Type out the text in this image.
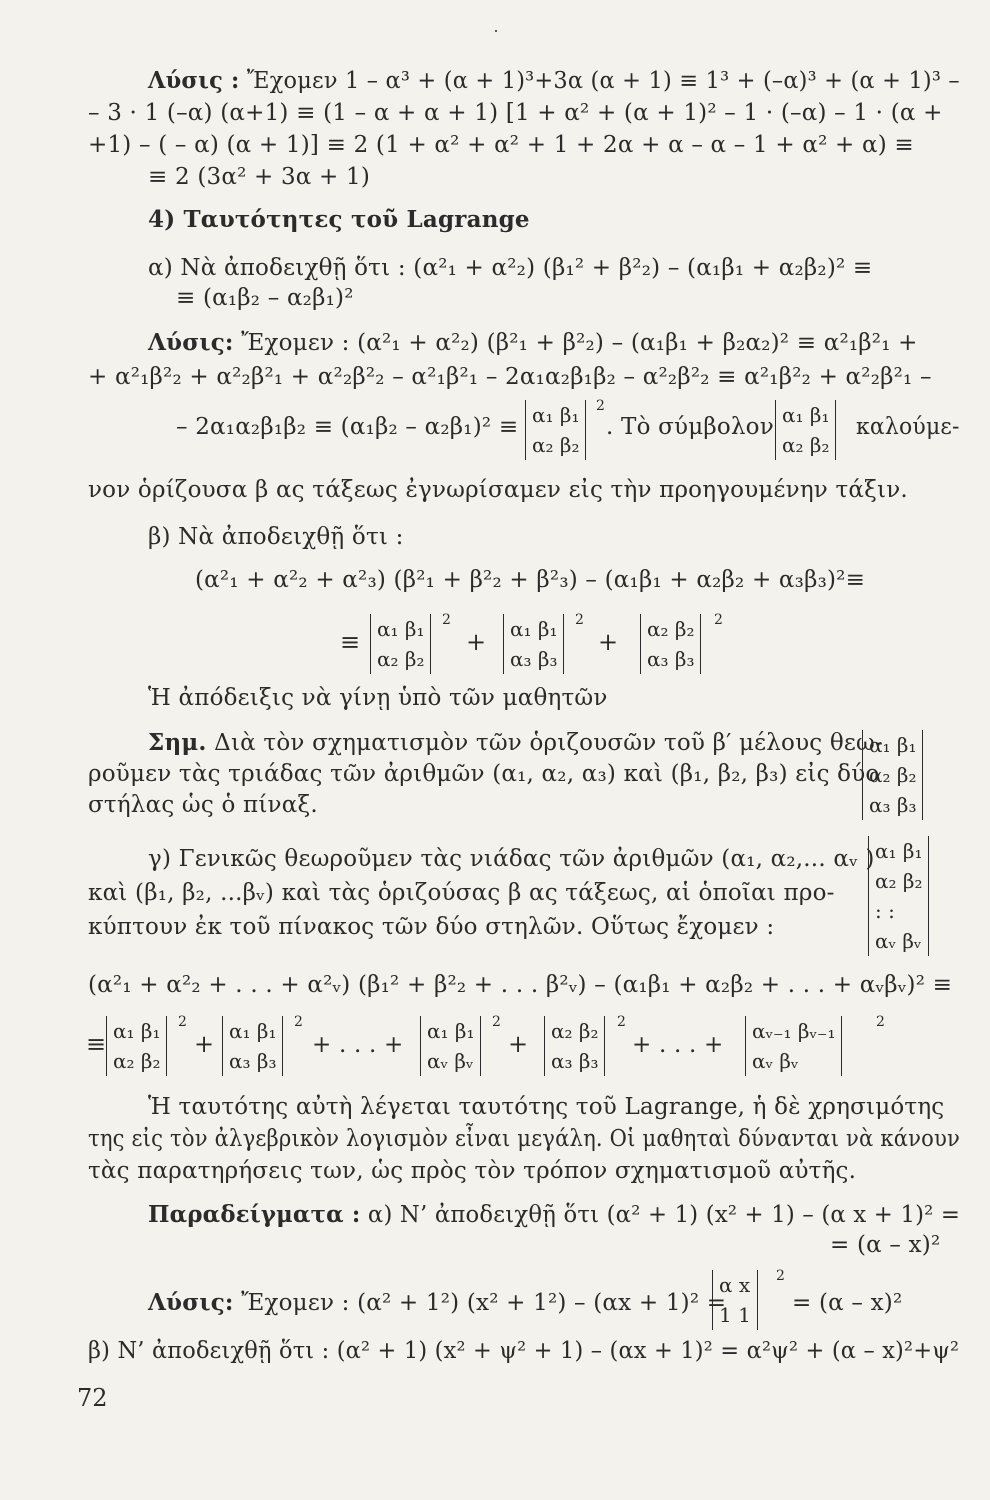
Λύσις : Ἔχομεν 1 – α³ + (α + 1)³+3α (α + 1) ≡ 1³ + (–α)³ + (α + 1)³ –
– 3 · 1 (–α) (α+1) ≡ (1 – α + α + 1) [1 + α² + (α + 1)² – 1 · (–α) – 1 · (α +
+1) – ( – α) (α + 1)] ≡ 2 (1 + α² + α² + 1 + 2α + α – α – 1 + α² + α) ≡
≡ 2 (3α² + 3α + 1)
4) Ταυτότητες τοῦ Lagrange
α) Νὰ ἀποδειχθῇ ὅτι : (α²₁ + α²₂) (β₁² + β²₂) – (α₁β₁ + α₂β₂)² ≡
≡ (α₁β₂ – α₂β₁)²
Λύσις: Ἔχομεν : (α²₁ + α²₂) (β²₁ + β²₂) – (α₁β₁ + β₂α₂)² ≡ α²₁β²₁ +
+ α²₁β²₂ + α²₂β²₁ + α²₂β²₂ – α²₁β²₁ – 2α₁α₂β₁β₂ – α²₂β²₂ ≡ α²₁β²₂ + α²₂β²₁ –
– 2α₁α₂β₁β₂ ≡ (α₁β₂ – α₂β₁)² ≡ α₁ β₁
α₂ β₂
2
. Τὸ σύμβολον α₁ β₁
α₂ β₂
καλούμε-
νον ὁρίζουσα β ας τάξεως ἐγνωρίσαμεν εἰς τὴν προηγουμένην τάξιν.
β) Νὰ ἀποδειχθῇ ὅτι :
(α²₁ + α²₂ + α²₃) (β²₁ + β²₂ + β²₃) – (α₁β₁ + α₂β₂ + α₃β₃)²≡
≡ α₁ β₁
α₂ β₂
2
+ α₁ β₁
α₃ β₃
2
+ α₂ β₂
α₃ β₃
2
Ἡ ἀπόδειξις νὰ γίνῃ ὑπὸ τῶν μαθητῶν
Σημ. Διὰ τὸν σχηματισμὸν τῶν ὁριζουσῶν τοῦ β′ μέλους θεω-
ροῦμεν τὰς τριάδας τῶν ἀριθμῶν (α₁, α₂, α₃) καὶ (β₁, β₂, β₃) εἰς δύο
στήλας ὡς ὁ πίναξ.
α₁ β₁
α₂ β₂
α₃ β₃
γ) Γενικῶς θεωροῦμεν τὰς νιάδας τῶν ἀριθμῶν (α₁, α₂,... αᵥ )
καὶ (β₁, β₂, ...βᵥ) καὶ τὰς ὁριζούσας β ας τάξεως, αἱ ὁποῖαι προ-
κύπτουν ἐκ τοῦ πίνακος τῶν δύο στηλῶν. Οὕτως ἔχομεν :
α₁ β₁
α₂ β₂
: :
αᵥ βᵥ
(α²₁ + α²₂ + . . . + α²ᵥ) (β₁² + β²₂ + . . . β²ᵥ) – (α₁β₁ + α₂β₂ + . . . + αᵥβᵥ)² ≡
≡ α₁ β₁
α₂ β₂
2
+ α₁ β₁
α₃ β₃
2
+ . . . +
α₁ β₁
αᵥ βᵥ
2
+ α₂ β₂
α₃ β₃
2
+ . . . +
αᵥ₋₁ βᵥ₋₁
αᵥ βᵥ
2
Ἡ ταυτότης αὐτὴ λέγεται ταυτότης τοῦ Lagrange, ἡ δὲ χρησιμότης
της εἰς τὸν ἀλγεβρικὸν λογισμὸν εἶναι μεγάλη. Οἱ μαθηταὶ δύνανται νὰ κάνουν
τὰς παρατηρήσεις των, ὡς πρὸς τὸν τρόπον σχηματισμοῦ αὐτῆς.
Παραδείγματα : α) Ν’ ἀποδειχθῇ ὅτι (α² + 1) (x² + 1) – (α x + 1)² =
= (α – x)²
Λύσις: Ἔχομεν : (α² + 1²) (x² + 1²) – (αx + 1)² =
α x
1 1
2
= (α – x)²
β) Ν’ ἀποδειχθῇ ὅτι : (α² + 1) (x² + ψ² + 1) – (αx + 1)² = α²ψ² + (α – x)²+ψ²
72
